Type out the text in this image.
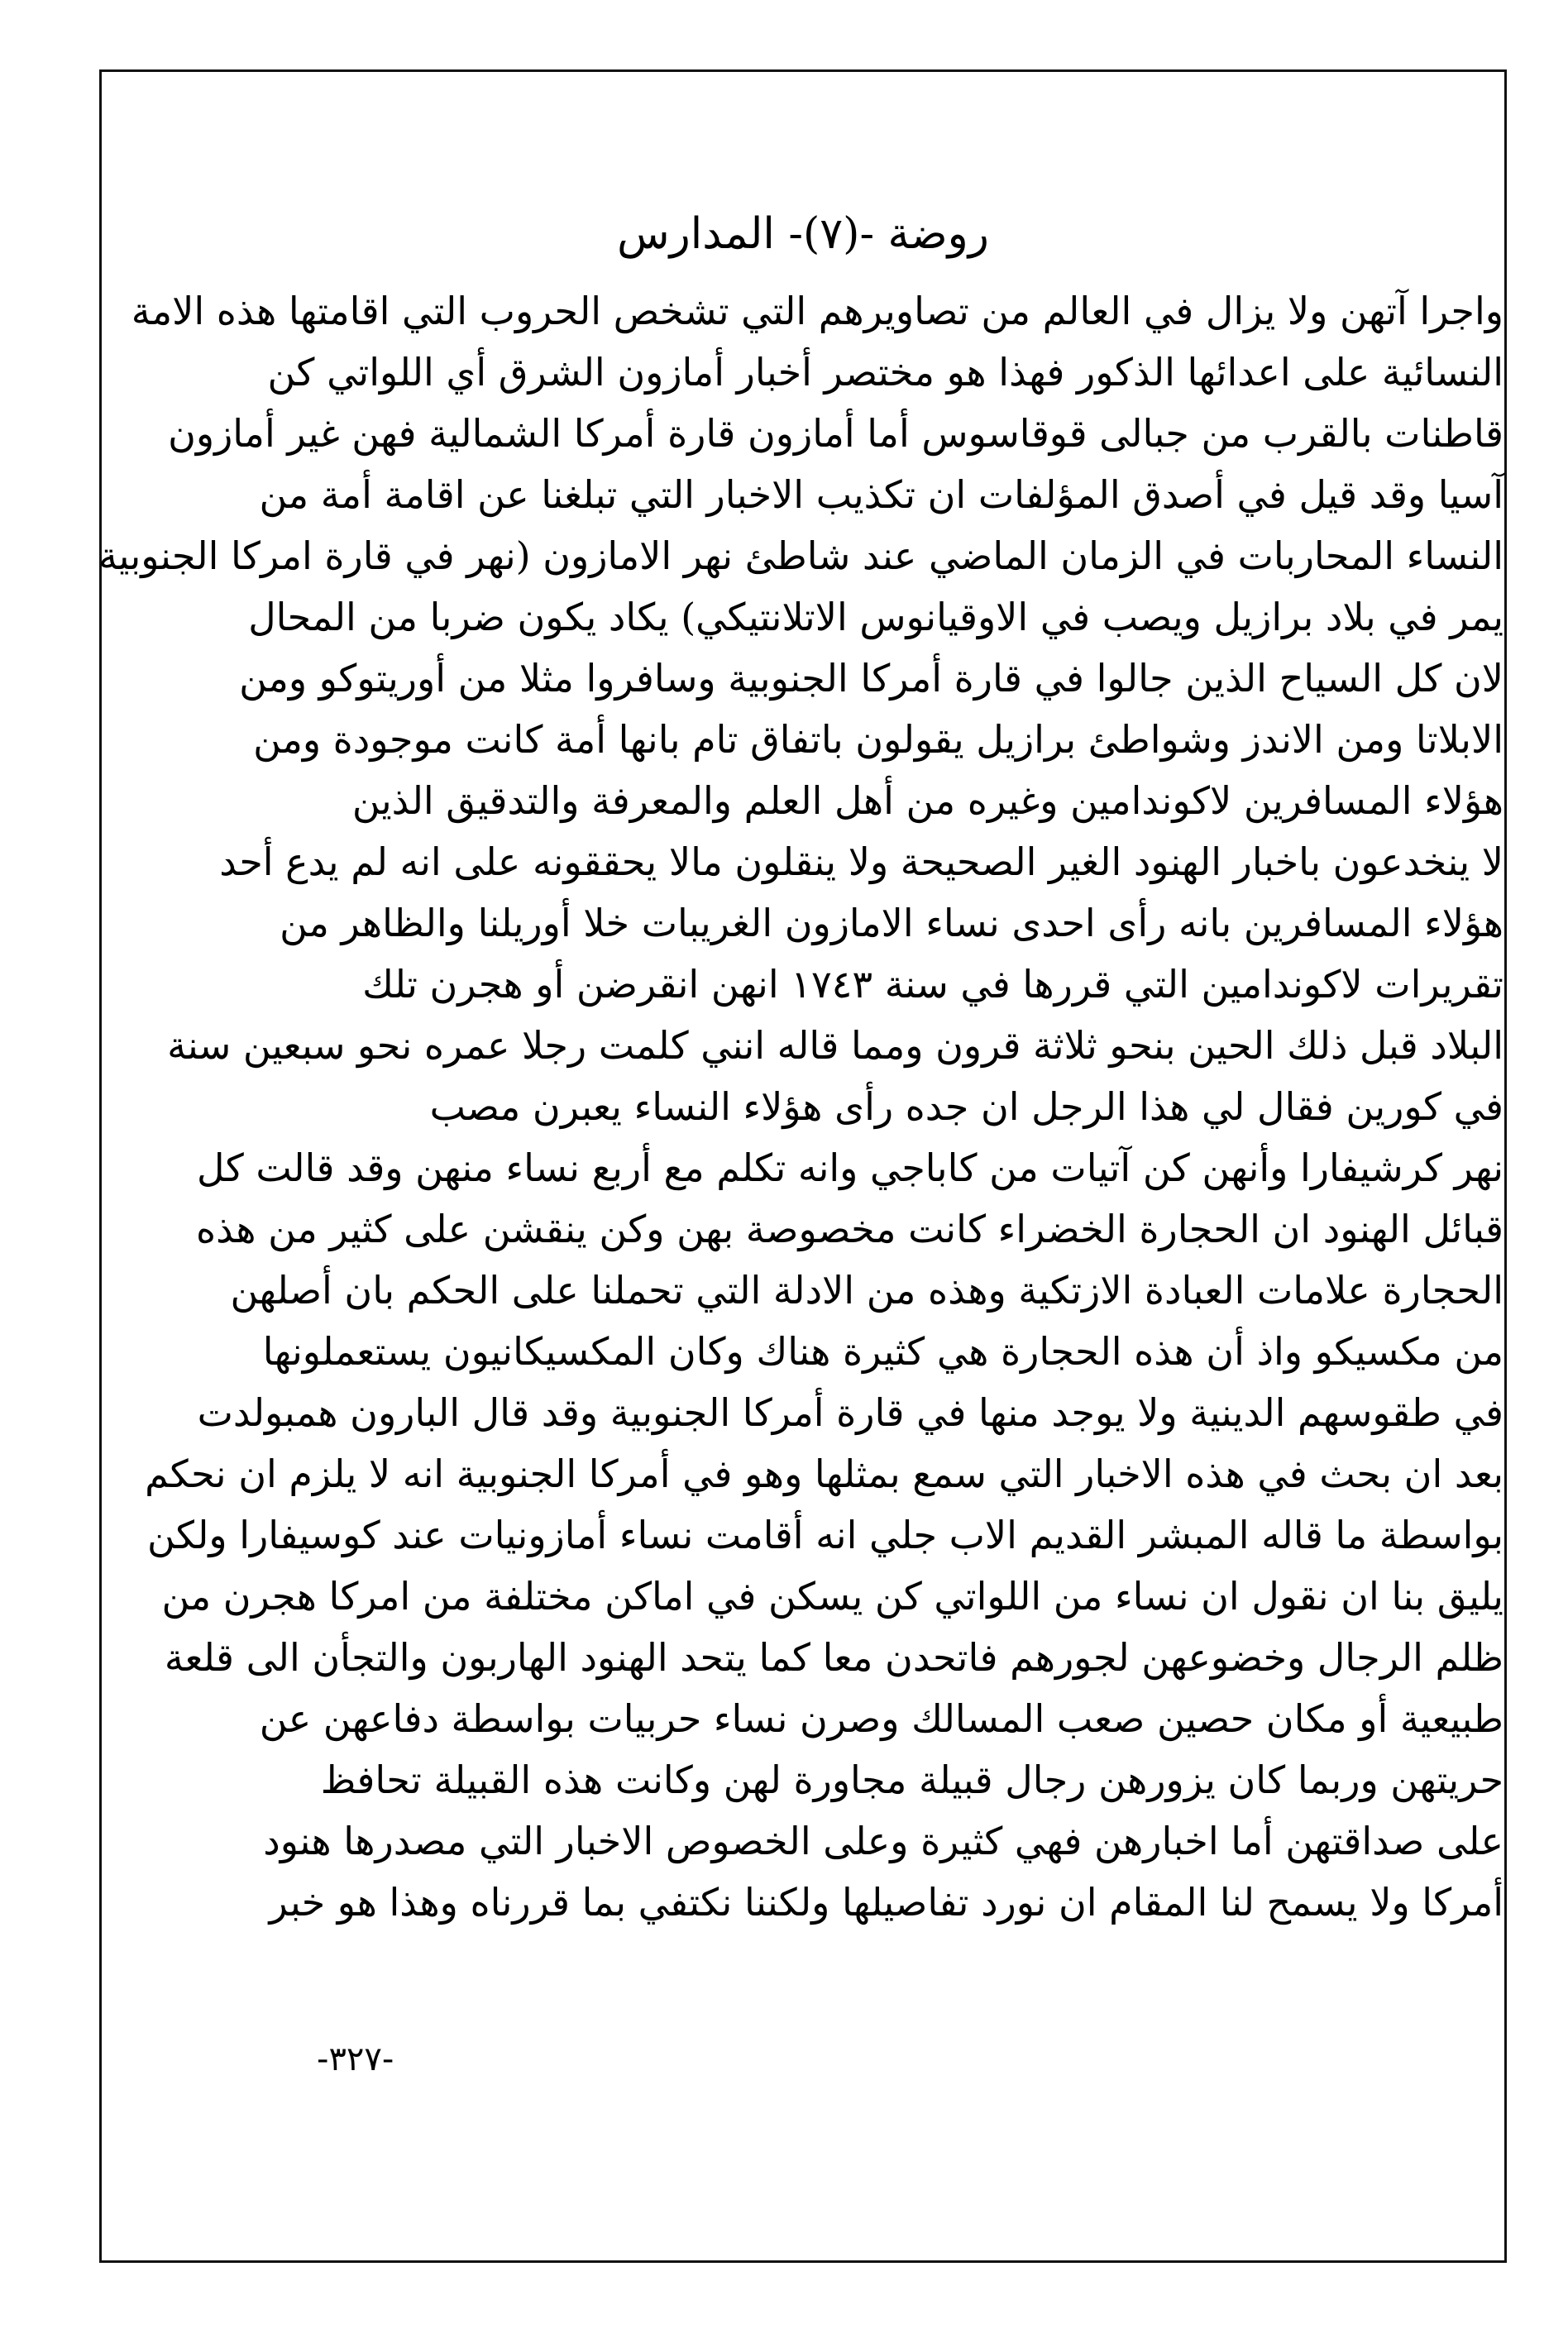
روضة -(٧)- المدارس
واجرا آتهن ولا يزال في العالم من تصاويرهم التي تشخص الحروب التي اقامتها هذه الامة
النسائية على اعدائها الذكور فهذا هو مختصر أخبار أمازون الشرق أي اللواتي كن
قاطنات بالقرب من جبالى قوقاسوس أما أمازون قارة أمركا الشمالية فهن غير أمازون
آسيا وقد قيل في أصدق المؤلفات ان تكذيب الاخبار التي تبلغنا عن اقامة أمة من
النساء المحاربات في الزمان الماضي عند شاطئ نهر الامازون (نهر في قارة امركا الجنوبية
يمر في بلاد برازيل ويصب في الاوقيانوس الاتلانتيكي) يكاد يكون ضربا من المحال
لان كل السياح الذين جالوا في قارة أمركا الجنوبية وسافروا مثلا من أوريتوكو ومن
الابلاتا ومن الاندز وشواطئ برازيل يقولون باتفاق تام بانها أمة كانت موجودة ومن
هؤلاء المسافرين لاكوندامين وغيره من أهل العلم والمعرفة والتدقيق الذين
لا ينخدعون باخبار الهنود الغير الصحيحة ولا ينقلون مالا يحققونه على انه لم يدع أحد
هؤلاء المسافرين بانه رأى احدى نساء الامازون الغريبات خلا أوريلنا والظاهر من
تقريرات لاكوندامين التي قررها في سنة ١٧٤٣ انهن انقرضن أو هجرن تلك
البلاد قبل ذلك الحين بنحو ثلاثة قرون ومما قاله انني كلمت رجلا عمره نحو سبعين سنة
في كورين فقال لي هذا الرجل ان جده رأى هؤلاء النساء يعبرن مصب
نهر كرشيفارا وأنهن كن آتيات من كاباجي وانه تكلم مع أربع نساء منهن وقد قالت كل
قبائل الهنود ان الحجارة الخضراء كانت مخصوصة بهن وكن ينقشن على كثير من هذه
الحجارة علامات العبادة الازتكية وهذه من الادلة التي تحملنا على الحكم بان أصلهن
من مكسيكو واذ أن هذه الحجارة هي كثيرة هناك وكان المكسيكانيون يستعملونها
في طقوسهم الدينية ولا يوجد منها في قارة أمركا الجنوبية وقد قال البارون همبولدت
بعد ان بحث في هذه الاخبار التي سمع بمثلها وهو في أمركا الجنوبية انه لا يلزم ان نحكم
بواسطة ما قاله المبشر القديم الاب جلي انه أقامت نساء أمازونيات عند كوسيفارا ولكن
يليق بنا ان نقول ان نساء من اللواتي كن يسكن في اماكن مختلفة من امركا هجرن من
ظلم الرجال وخضوعهن لجورهم فاتحدن معا كما يتحد الهنود الهاربون والتجأن الى قلعة
طبيعية أو مكان حصين صعب المسالك وصرن نساء حربيات بواسطة دفاعهن عن
حريتهن وربما كان يزورهن رجال قبيلة مجاورة لهن وكانت هذه القبيلة تحافظ
على صداقتهن أما اخبارهن فهي كثيرة وعلى الخصوص الاخبار التي مصدرها هنود
أمركا ولا يسمح لنا المقام ان نورد تفاصيلها ولكننا نكتفي بما قررناه وهذا هو خبر
-٣٢٧-
